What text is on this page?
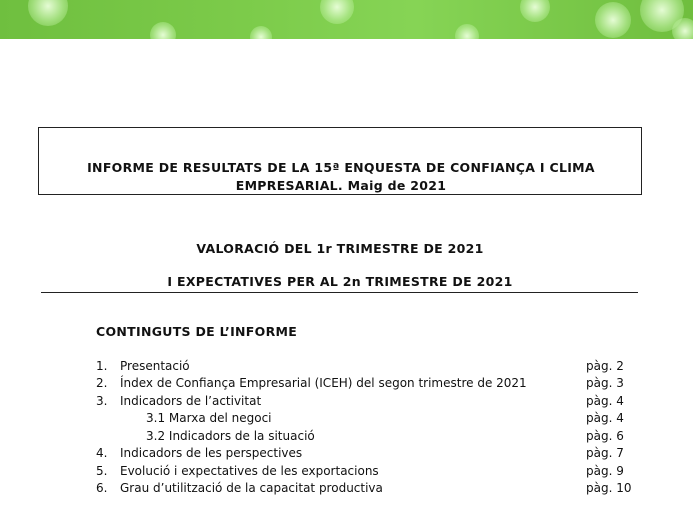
INFORME DE RESULTATS DE LA 15ª ENQUESTA DE CONFIANÇA I CLIMA
EMPRESARIAL. Maig de 2021
VALORACIÓ DEL 1r TRIMESTRE DE 2021
I EXPECTATIVES PER AL 2n TRIMESTRE DE 2021
CONTINGUTS DE L’INFORME
1. Presentació	pàg. 2
2. Índex de Confiança Empresarial (ICEH) del segon trimestre de 2021	pàg. 3
3. Indicadors de l’activitat	pàg. 4
3.1 Marxa del negoci	pàg. 4
3.2 Indicadors de la situació	pàg. 6
4. Indicadors de les perspectives	pàg. 7
5. Evolució i expectatives de les exportacions	pàg. 9
6. Grau d’utilització de la capacitat productiva	pàg. 10
